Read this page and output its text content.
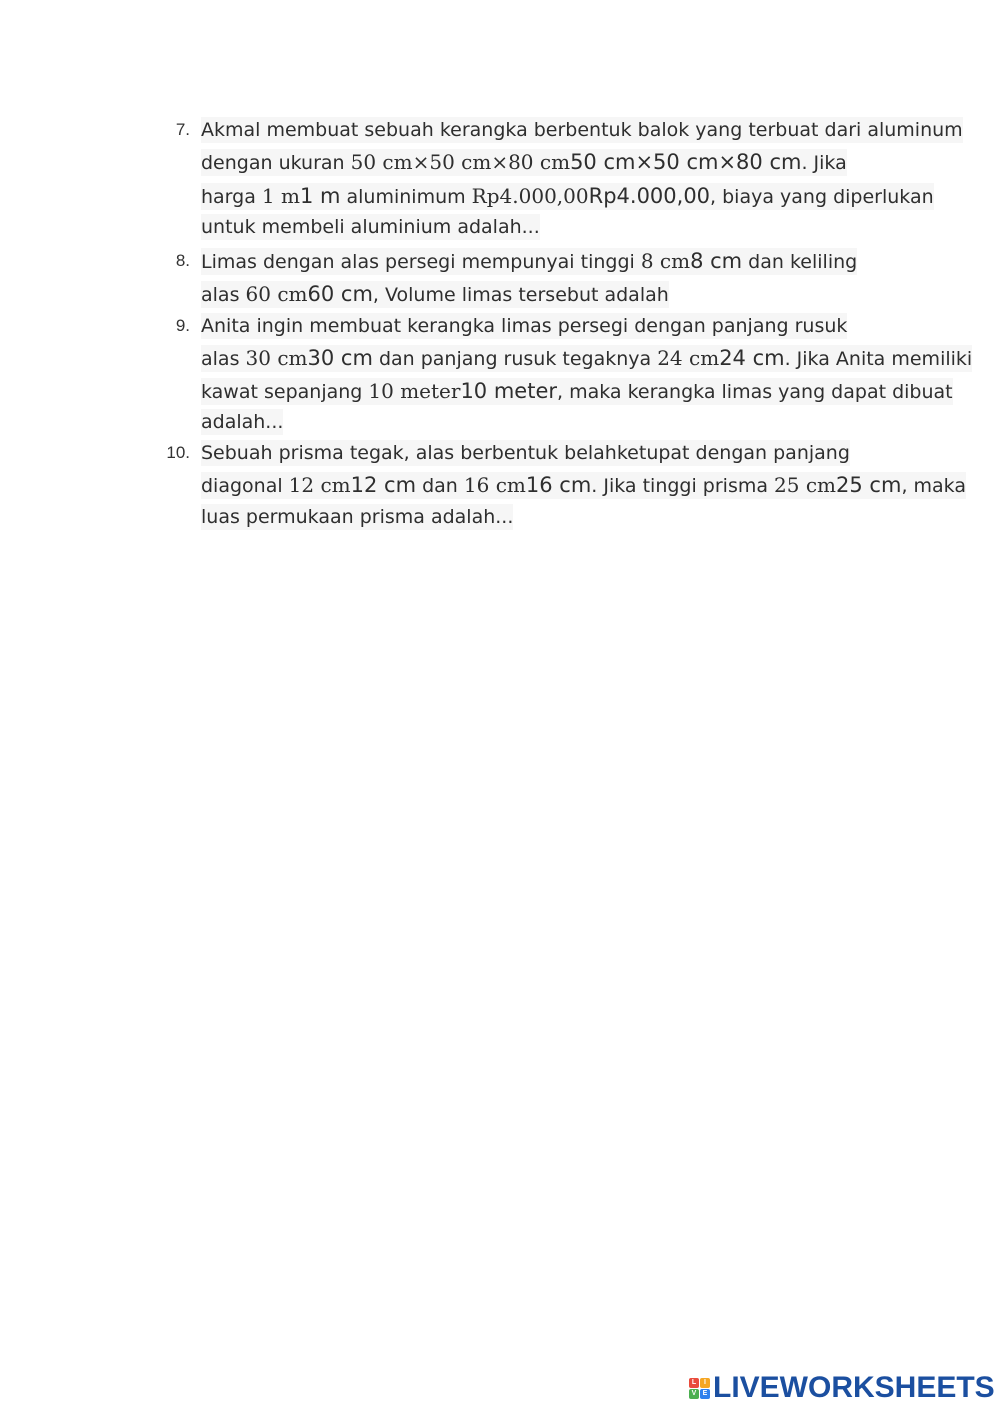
7. Akmal membuat sebuah kerangka berbentuk balok yang terbuat dari aluminum
dengan ukuran 50 cm×50 cm×80 cm50 cm×50 cm×80 cm. Jika
harga 1 m1 m aluminimum Rp4.000,00Rp4.000,00, biaya yang diperlukan
untuk membeli aluminium adalah...
8. Limas dengan alas persegi mempunyai tinggi 8 cm8 cm dan keliling
alas 60 cm60 cm, Volume limas tersebut adalah
9. Anita ingin membuat kerangka limas persegi dengan panjang rusuk
alas 30 cm30 cm dan panjang rusuk tegaknya 24 cm24 cm. Jika Anita memiliki
kawat sepanjang 10 meter10 meter, maka kerangka limas yang dapat dibuat
adalah...
10. Sebuah prisma tegak, alas berbentuk belahketupat dengan panjang
diagonal 12 cm12 cm dan 16 cm16 cm. Jika tinggi prisma 25 cm25 cm, maka
luas permukaan prisma adalah...
L	I
V E LIVEWORKSHEETS
